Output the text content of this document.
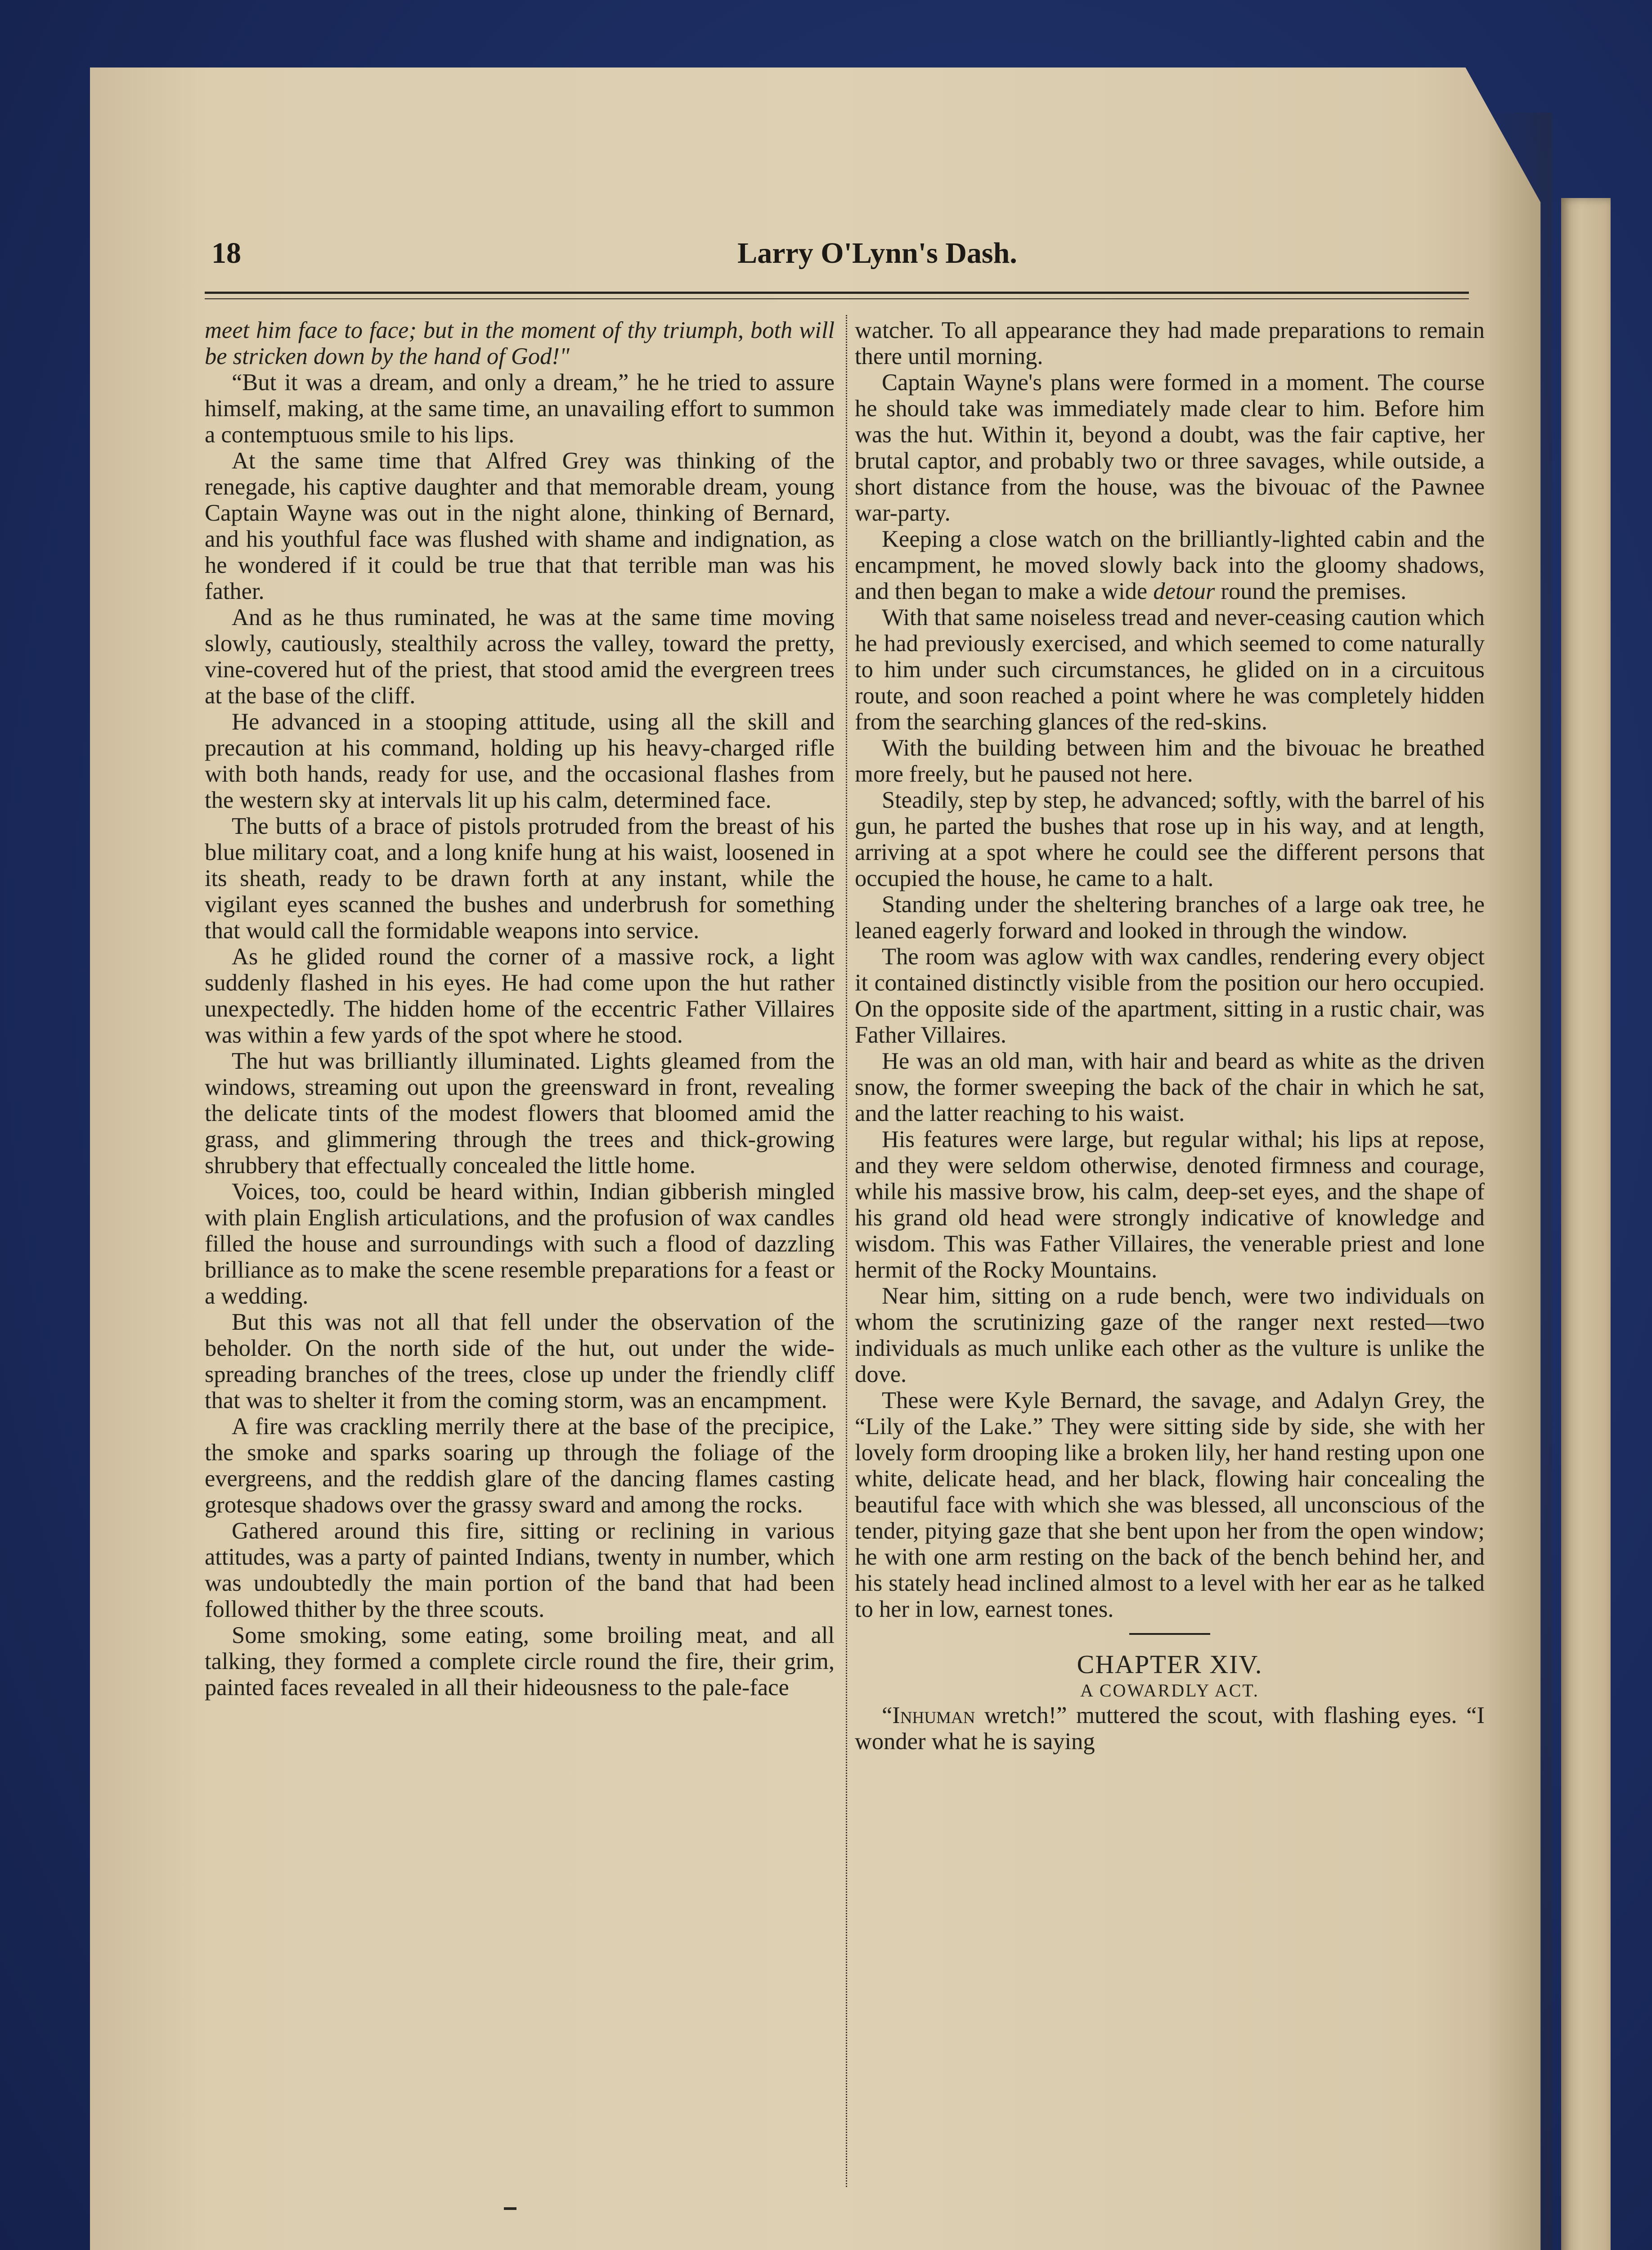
18	Larry O'Lynn's Dash.

meet him face to face; but in the moment of thy triumph, both will be stricken down by the hand of God!"

“But it was a dream, and only a dream,” he he tried to assure himself, making, at the same time, an unavailing effort to summon a contemptuous smile to his lips.

At the same time that Alfred Grey was thinking of the renegade, his captive daughter and that memorable dream, young Captain Wayne was out in the night alone, thinking of Bernard, and his youthful face was flushed with shame and indignation, as he wondered if it could be true that that terrible man was his father.

And as he thus ruminated, he was at the same time moving slowly, cautiously, stealthily across the valley, toward the pretty, vine-covered hut of the priest, that stood amid the evergreen trees at the base of the cliff.

He advanced in a stooping attitude, using all the skill and precaution at his command, holding up his heavy-charged rifle with both hands, ready for use, and the occasional flashes from the western sky at intervals lit up his calm, determined face.

The butts of a brace of pistols protruded from the breast of his blue military coat, and a long knife hung at his waist, loosened in its sheath, ready to be drawn forth at any instant, while the vigilant eyes scanned the bushes and underbrush for something that would call the formidable weapons into service.

As he glided round the corner of a massive rock, a light suddenly flashed in his eyes. He had come upon the hut rather unexpectedly. The hidden home of the eccentric Father Villaires was within a few yards of the spot where he stood.

The hut was brilliantly illuminated. Lights gleamed from the windows, streaming out upon the greensward in front, revealing the delicate tints of the modest flowers that bloomed amid the grass, and glimmering through the trees and thick-growing shrubbery that effectually concealed the little home.

Voices, too, could be heard within, Indian gibberish mingled with plain English articulations, and the profusion of wax candles filled the house and surroundings with such a flood of dazzling brilliance as to make the scene resemble preparations for a feast or a wedding.

But this was not all that fell under the observation of the beholder. On the north side of the hut, out under the wide-spreading branches of the trees, close up under the friendly cliff that was to shelter it from the coming storm, was an encampment.

A fire was crackling merrily there at the base of the precipice, the smoke and sparks soaring up through the foliage of the evergreens, and the reddish glare of the dancing flames casting grotesque shadows over the grassy sward and among the rocks.

Gathered around this fire, sitting or reclining in various attitudes, was a party of painted Indians, twenty in number, which was undoubtedly the main portion of the band that had been followed thither by the three scouts.

Some smoking, some eating, some broiling meat, and all talking, they formed a complete circle round the fire, their grim, painted faces revealed in all their hideousness to the pale-face

watcher. To all appearance they had made preparations to remain there until morning.

Captain Wayne's plans were formed in a moment. The course he should take was immediately made clear to him. Before him was the hut. Within it, beyond a doubt, was the fair captive, her brutal captor, and probably two or three savages, while outside, a short distance from the house, was the bivouac of the Pawnee war-party.

Keeping a close watch on the brilliantly-lighted cabin and the encampment, he moved slowly back into the gloomy shadows, and then began to make a wide detour round the premises.

With that same noiseless tread and never-ceasing caution which he had previously exercised, and which seemed to come naturally to him under such circumstances, he glided on in a circuitous route, and soon reached a point where he was completely hidden from the searching glances of the red-skins.

With the building between him and the bivouac he breathed more freely, but he paused not here.

Steadily, step by step, he advanced; softly, with the barrel of his gun, he parted the bushes that rose up in his way, and at length, arriving at a spot where he could see the different persons that occupied the house, he came to a halt.

Standing under the sheltering branches of a large oak tree, he leaned eagerly forward and looked in through the window.

The room was aglow with wax candles, rendering every object it contained distinctly visible from the position our hero occupied. On the opposite side of the apartment, sitting in a rustic chair, was Father Villaires.

He was an old man, with hair and beard as white as the driven snow, the former sweeping the back of the chair in which he sat, and the latter reaching to his waist.

His features were large, but regular withal; his lips at repose, and they were seldom otherwise, denoted firmness and courage, while his massive brow, his calm, deep-set eyes, and the shape of his grand old head were strongly indicative of knowledge and wisdom. This was Father Villaires, the venerable priest and lone hermit of the Rocky Mountains.

Near him, sitting on a rude bench, were two individuals on whom the scrutinizing gaze of the ranger next rested—two individuals as much unlike each other as the vulture is unlike the dove.

These were Kyle Bernard, the savage, and Adalyn Grey, the “Lily of the Lake.” They were sitting side by side, she with her lovely form drooping like a broken lily, her hand resting upon one white, delicate head, and her black, flowing hair concealing the beautiful face with which she was blessed, all unconscious of the tender, pitying gaze that she bent upon her from the open window; he with one arm resting on the back of the bench behind her, and his stately head inclined almost to a level with her ear as he talked to her in low, earnest tones.

CHAPTER XIV.
A COWARDLY ACT.

“Inhuman wretch!” muttered the scout, with flashing eyes. “I wonder what he is saying
